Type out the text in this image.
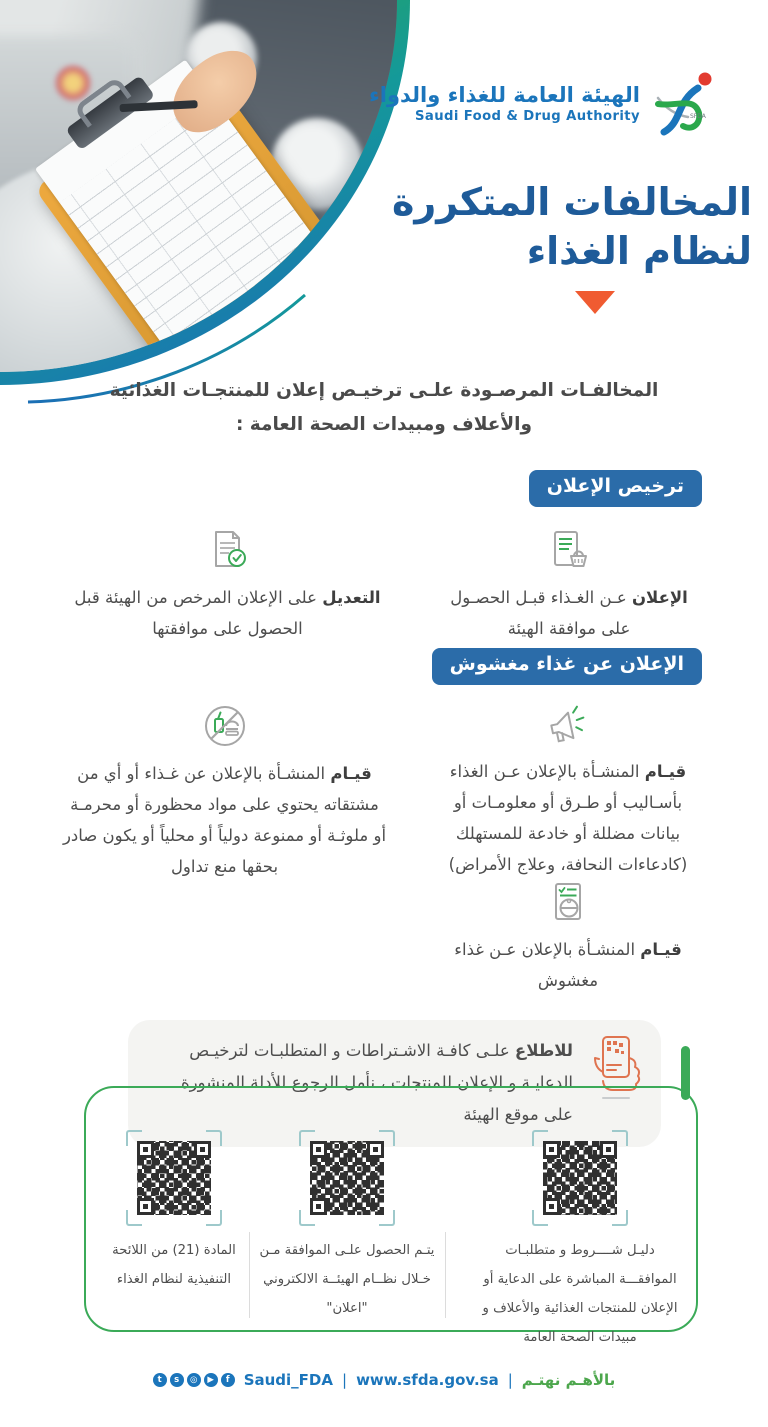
الهيئة العامة للغذاء والدواء
Saudi Food & Drug Authority	SFDA
المخالفات المتكررة
لنظام الغذاء
المخالفـات المرصـودة علـى ترخيـص إعلان للمنتجـات الغذائية
والأعلاف ومبيدات الصحة العامة :
ترخيص الإعلان

الإعلان عـن الغـذاء قبـل الحصـول على موافقة الهيئة

التعديل على الإعلان المرخص من الهيئة قبل الحصول على موافقتها

الإعلان عن غذاء مغشوش

قيـام المنشـأة بالإعلان عـن الغذاء بأسـاليب أو طـرق أو معلومـات أو بيانات مضللة أو خادعة للمستهلك (كادعاءات النحافة، وعلاج الأمراض)

قيـام المنشـأة بالإعلان عن غـذاء أو أي من مشتقاته يحتوي على مواد محظورة أو محرمـة أو ملوثـة أو ممنوعة دولياً أو محلياً أو يكون صادر بحقها منع تداول

قيـام المنشـأة بالإعلان عـن غذاء مغشوش

للاطلاع علـى كافـة الاشـتراطات و المتطلبـات لترخيـص الدعايـة و الإعلان للمنتجات ، نأمل الرجوع للأدلة المنشورة على موقع الهيئة

دليـل شــــروط و متطلبـات الموافقـــة المباشرة على الدعاية أو الإعلان للمنتجات الغذائية والأعلاف و مبيدات الصحة العامة

يتـم الحصول علـى الموافقة مـن خـلال نظــام الهيئــة الالكتروني "اعلان"

المادة (21) من اللائحة التنفيذية لنظام الغذاء

t	s	◎	▶	f Saudi_FDA | www.sfda.gov.sa | بالأهـم نهتـم
